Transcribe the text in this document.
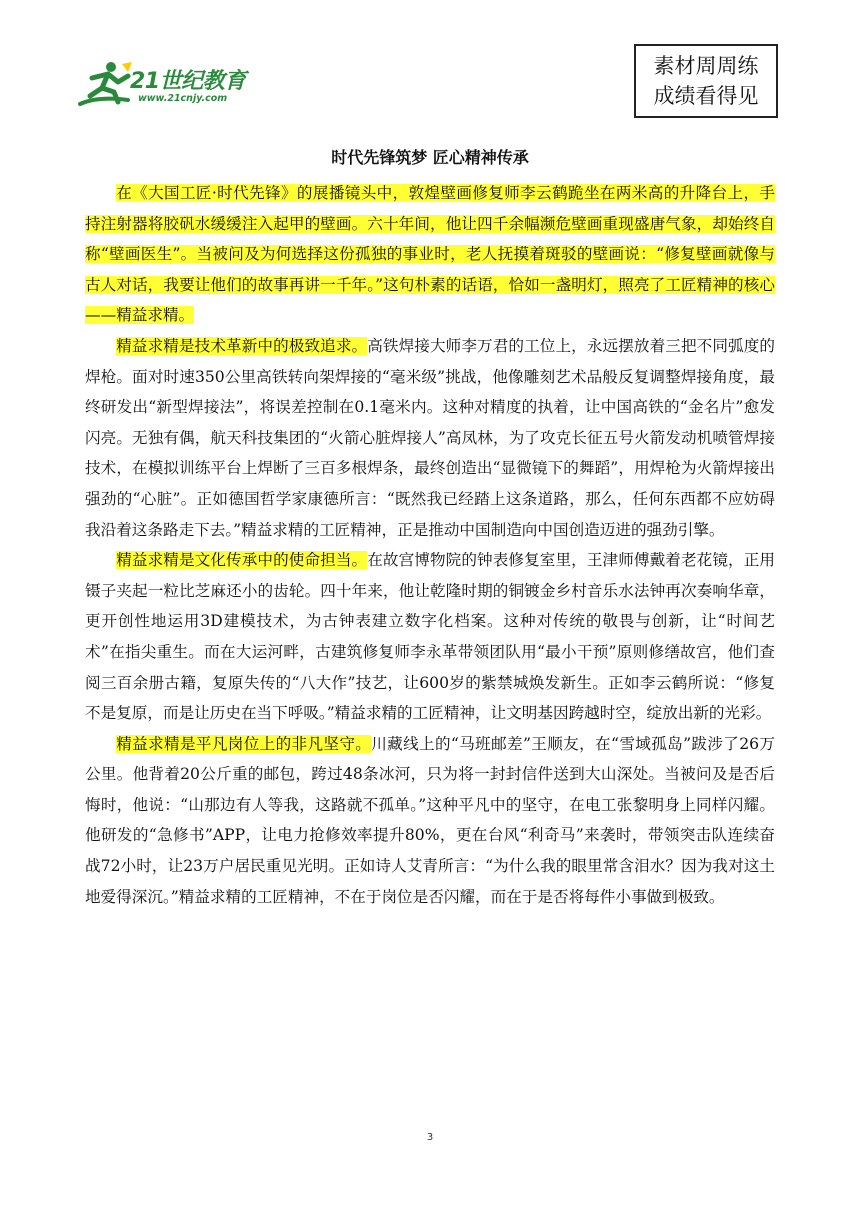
21世纪教育
www.21cnjy.com
素材周周练
成绩看得见
时代先锋筑梦 匠心精神传承

在《大国工匠·时代先锋》的展播镜头中，敦煌壁画修复师李云鹤跪坐在两米高的升降台上，手持注射器将胶矾水缓缓注入起甲的壁画。六十年间，他让四千余幅濒危壁画重现盛唐气象，却始终自称“壁画医生”。当被问及为何选择这份孤独的事业时，老人抚摸着斑驳的壁画说：“修复壁画就像与古人对话，我要让他们的故事再讲一千年。”这句朴素的话语，恰如一盏明灯，照亮了工匠精神的核心——精益求精。

精益求精是技术革新中的极致追求。高铁焊接大师李万君的工位上，永远摆放着三把不同弧度的焊枪。面对时速350公里高铁转向架焊接的“毫米级”挑战，他像雕刻艺术品般反复调整焊接角度，最终研发出“新型焊接法”，将误差控制在0.1毫米内。这种对精度的执着，让中国高铁的“金名片”愈发闪亮。无独有偶，航天科技集团的“火箭心脏焊接人”高凤林，为了攻克长征五号火箭发动机喷管焊接技术，在模拟训练平台上焊断了三百多根焊条，最终创造出“显微镜下的舞蹈”，用焊枪为火箭焊接出强劲的“心脏”。正如德国哲学家康德所言：“既然我已经踏上这条道路，那么，任何东西都不应妨碍我沿着这条路走下去。”精益求精的工匠精神，正是推动中国制造向中国创造迈进的强劲引擎。

精益求精是文化传承中的使命担当。在故宫博物院的钟表修复室里，王津师傅戴着老花镜，正用镊子夹起一粒比芝麻还小的齿轮。四十年来，他让乾隆时期的铜镀金乡村音乐水法钟再次奏响华章，更开创性地运用3D建模技术，为古钟表建立数字化档案。这种对传统的敬畏与创新，让“时间艺术”在指尖重生。而在大运河畔，古建筑修复师李永革带领团队用“最小干预”原则修缮故宫，他们查阅三百余册古籍，复原失传的“八大作”技艺，让600岁的紫禁城焕发新生。正如李云鹤所说：“修复不是复原，而是让历史在当下呼吸。”精益求精的工匠精神，让文明基因跨越时空，绽放出新的光彩。

精益求精是平凡岗位上的非凡坚守。川藏线上的“马班邮差”王顺友，在“雪域孤岛”跋涉了26万公里。他背着20公斤重的邮包，跨过48条冰河，只为将一封封信件送到大山深处。当被问及是否后悔时，他说：“山那边有人等我，这路就不孤单。”这种平凡中的坚守，在电工张黎明身上同样闪耀。他研发的“急修书”APP，让电力抢修效率提升80%，更在台风“利奇马”来袭时，带领突击队连续奋战72小时，让23万户居民重见光明。正如诗人艾青所言：“为什么我的眼里常含泪水？因为我对这土地爱得深沉。”精益求精的工匠精神，不在于岗位是否闪耀，而在于是否将每件小事做到极致。

3
